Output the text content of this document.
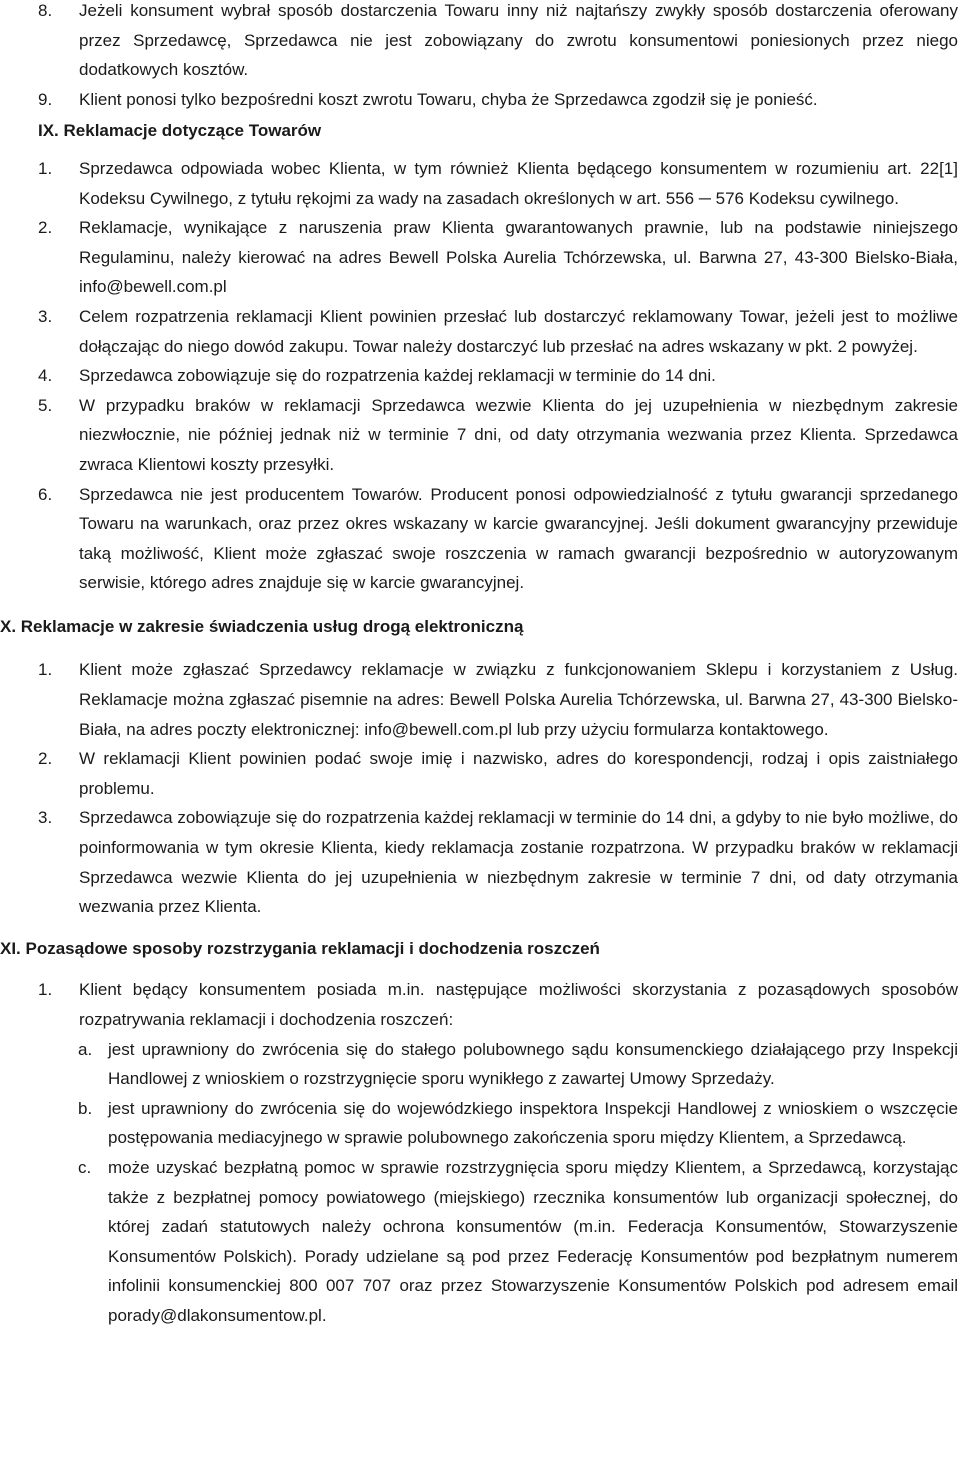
8. Jeżeli konsument wybrał sposób dostarczenia Towaru inny niż najtańszy zwykły sposób dostarczenia oferowany przez Sprzedawcę, Sprzedawca nie jest zobowiązany do zwrotu konsumentowi poniesionych przez niego dodatkowych kosztów.
9. Klient ponosi tylko bezpośredni koszt zwrotu Towaru, chyba że Sprzedawca zgodził się je ponieść.

IX. Reklamacje dotyczące Towarów

1. Sprzedawca odpowiada wobec Klienta, w tym również Klienta będącego konsumentem w rozumieniu art. 22[1] Kodeksu Cywilnego, z tytułu rękojmi za wady na zasadach określonych w art. 556 ─ 576 Kodeksu cywilnego.
2. Reklamacje, wynikające z naruszenia praw Klienta gwarantowanych prawnie, lub na podstawie niniejszego Regulaminu, należy kierować na adres Bewell Polska Aurelia Tchórzewska, ul. Barwna 27, 43-300 Bielsko-Biała, info@bewell.com.pl
3. Celem rozpatrzenia reklamacji Klient powinien przesłać lub dostarczyć reklamowany Towar, jeżeli jest to możliwe dołączając do niego dowód zakupu. Towar należy dostarczyć lub przesłać na adres wskazany w pkt. 2 powyżej.
4. Sprzedawca zobowiązuje się do rozpatrzenia każdej reklamacji w terminie do 14 dni.
5. W przypadku braków w reklamacji Sprzedawca wezwie Klienta do jej uzupełnienia w niezbędnym zakresie niezwłocznie, nie później jednak niż w terminie 7 dni, od daty otrzymania wezwania przez Klienta. Sprzedawca zwraca Klientowi koszty przesyłki.
6. Sprzedawca nie jest producentem Towarów. Producent ponosi odpowiedzialność z tytułu gwarancji sprzedanego Towaru na warunkach, oraz przez okres wskazany w karcie gwarancyjnej. Jeśli dokument gwarancyjny przewiduje taką możliwość, Klient może zgłaszać swoje roszczenia w ramach gwarancji bezpośrednio w autoryzowanym serwisie, którego adres znajduje się w karcie gwarancyjnej.

X. Reklamacje w zakresie świadczenia usług drogą elektroniczną

1. Klient może zgłaszać Sprzedawcy reklamacje w związku z funkcjonowaniem Sklepu i korzystaniem z Usług. Reklamacje można zgłaszać pisemnie na adres: Bewell Polska Aurelia Tchórzewska, ul. Barwna 27, 43-300 Bielsko-Biała, na adres poczty elektronicznej: info@bewell.com.pl lub przy użyciu formularza kontaktowego.
2. W reklamacji Klient powinien podać swoje imię i nazwisko, adres do korespondencji, rodzaj i opis zaistniałego problemu.
3. Sprzedawca zobowiązuje się do rozpatrzenia każdej reklamacji w terminie do 14 dni, a gdyby to nie było możliwe, do poinformowania w tym okresie Klienta, kiedy reklamacja zostanie rozpatrzona. W przypadku braków w reklamacji Sprzedawca wezwie Klienta do jej uzupełnienia w niezbędnym zakresie w terminie 7 dni, od daty otrzymania wezwania przez Klienta.

XI. Pozasądowe sposoby rozstrzygania reklamacji i dochodzenia roszczeń

1. Klient będący konsumentem posiada m.in. następujące możliwości skorzystania z pozasądowych sposobów rozpatrywania reklamacji i dochodzenia roszczeń:
a. jest uprawniony do zwrócenia się do stałego polubownego sądu konsumenckiego działającego przy Inspekcji Handlowej z wnioskiem o rozstrzygnięcie sporu wynikłego z zawartej Umowy Sprzedaży.
b. jest uprawniony do zwrócenia się do wojewódzkiego inspektora Inspekcji Handlowej z wnioskiem o wszczęcie postępowania mediacyjnego w sprawie polubownego zakończenia sporu między Klientem, a Sprzedawcą.
c. może uzyskać bezpłatną pomoc w sprawie rozstrzygnięcia sporu między Klientem, a Sprzedawcą, korzystając także z bezpłatnej pomocy powiatowego (miejskiego) rzecznika konsumentów lub organizacji społecznej, do której zadań statutowych należy ochrona konsumentów (m.in. Federacja Konsumentów, Stowarzyszenie Konsumentów Polskich). Porady udzielane są pod przez Federację Konsumentów pod bezpłatnym numerem infolinii konsumenckiej 800 007 707 oraz przez Stowarzyszenie Konsumentów Polskich pod adresem email porady@dlakonsumentow.pl.
